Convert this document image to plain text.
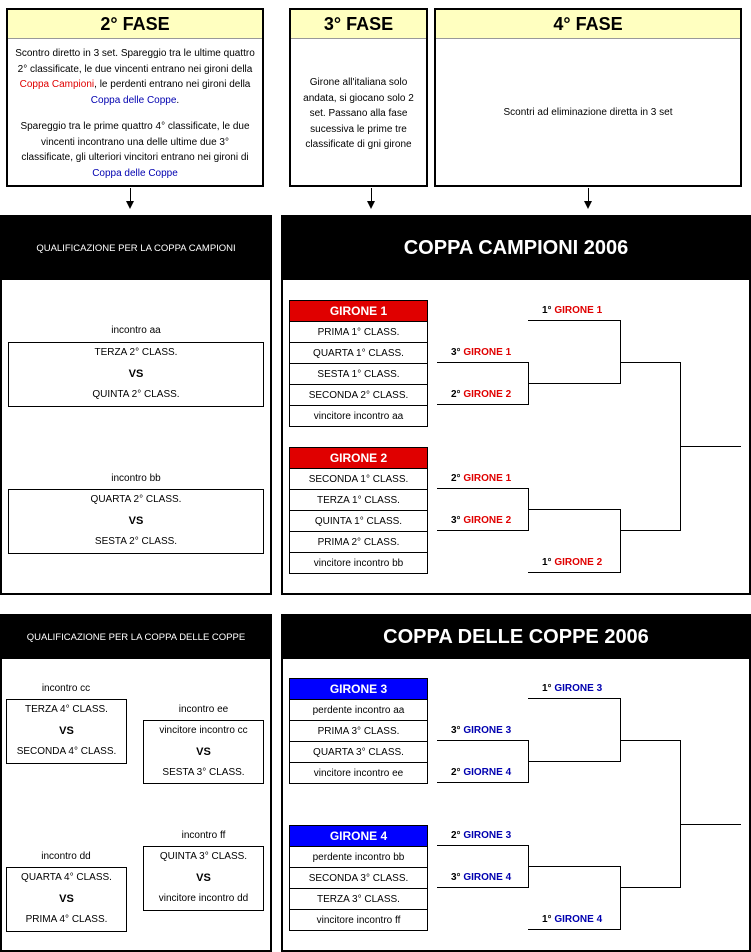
2° FASE
Scontro diretto in 3 set. Spareggio tra le ultime quattro 2° classificate, le due vincenti entrano nei gironi della Coppa Campioni, le perdenti entrano nei gironi della Coppa delle Coppe.
Spareggio tra le prime quattro 4° classificate, le due vincenti incontrano una delle ultime due 3° classificate, gli ulteriori vincitori entrano nei gironi di Coppa delle Coppe
3° FASE
Girone all'italiana solo andata, si giocano solo 2 set. Passano alla fase sucessiva le prime tre classificate di gni girone
4° FASE
Scontri ad eliminazione diretta in 3 set
QUALIFICAZIONE PER LA COPPA CAMPIONI
incontro aa
TERZA 2° CLASS.
VS
QUINTA 2° CLASS.
incontro bb
QUARTA 2° CLASS.
VS
SESTA 2° CLASS.
COPPA CAMPIONI 2006
GIRONE 1
PRIMA 1° CLASS.
QUARTA 1° CLASS.
SESTA 1° CLASS.
SECONDA 2° CLASS.
vincitore incontro aa
GIRONE 2
SECONDA 1° CLASS.
TERZA 1° CLASS.
QUINTA 1° CLASS.
PRIMA 2° CLASS.
vincitore incontro bb
1° GIRONE 1
3° GIRONE 1
2° GIRONE 2
2° GIRONE 1
3° GIRONE 2
1° GIRONE 2
QUALIFICAZIONE PER LA COPPA DELLE COPPE
incontro cc
TERZA 4° CLASS.
VS
SECONDA 4° CLASS.
incontro ee
vincitore incontro cc
VS
SESTA 3° CLASS.
incontro ff
QUINTA 3° CLASS.
VS
vincitore incontro dd
incontro dd
QUARTA 4° CLASS.
VS
PRIMA 4° CLASS.
COPPA DELLE COPPE 2006
GIRONE 3
perdente incontro aa
PRIMA 3° CLASS.
QUARTA 3° CLASS.
vincitore incontro ee
GIRONE 4
perdente incontro bb
SECONDA 3° CLASS.
TERZA 3° CLASS.
vincitore incontro ff
1° GIRONE 3
3° GIRONE 3
2° GIORNE 4
2° GIRONE 3
3° GIRONE 4
1° GIRONE 4
